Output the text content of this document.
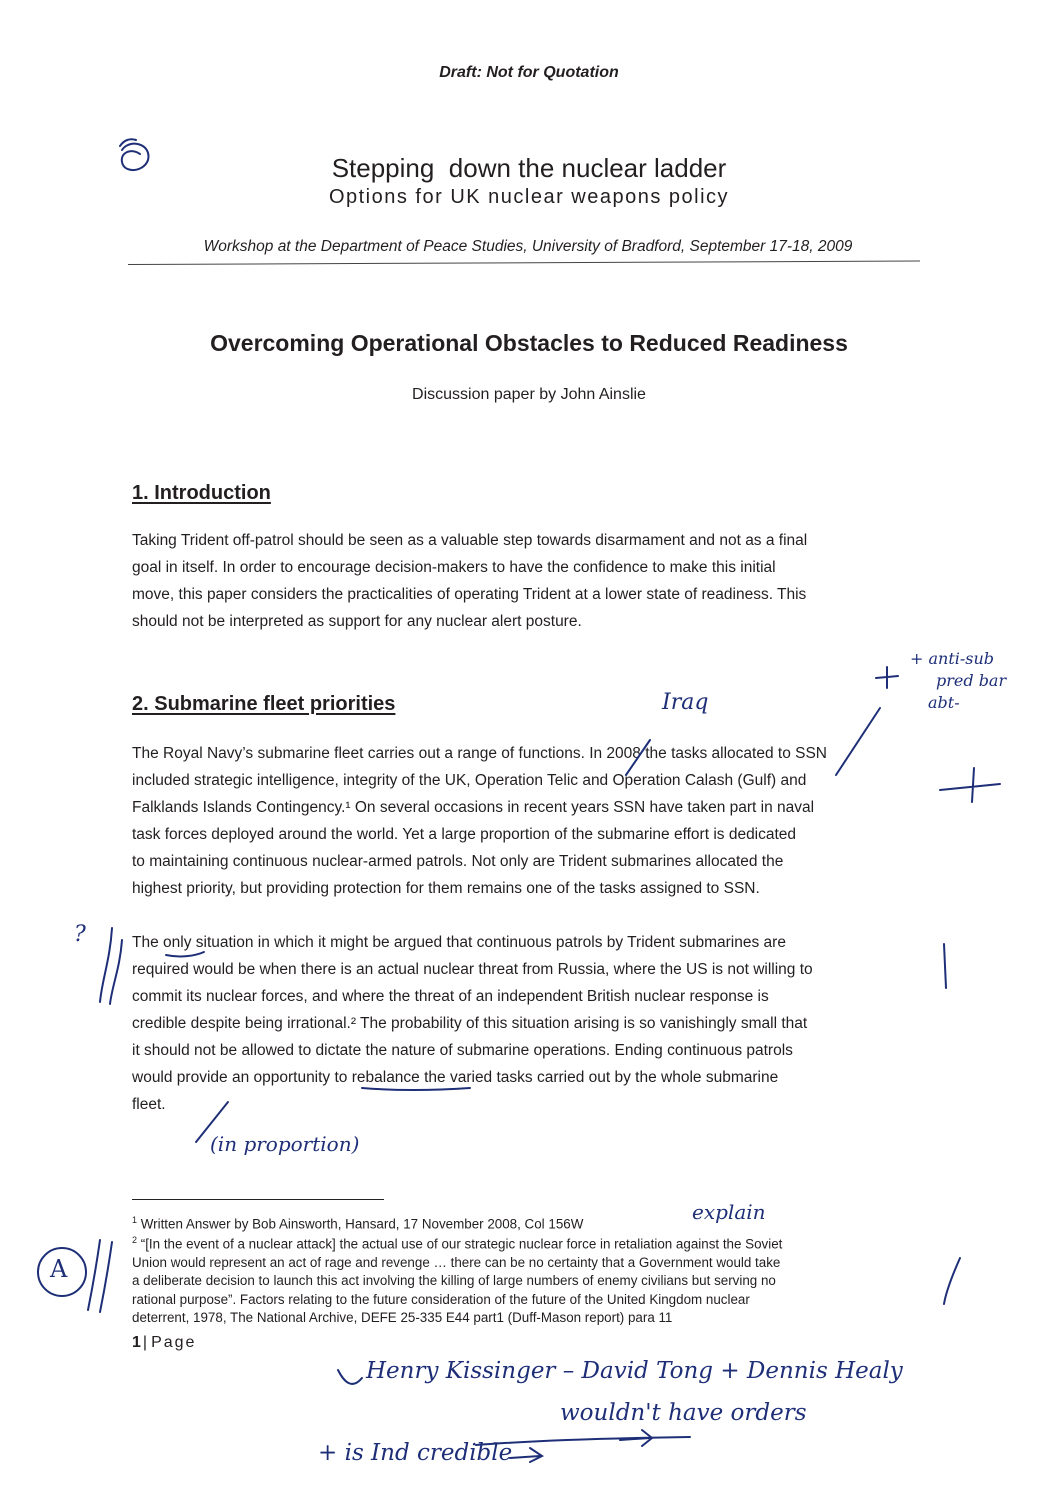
Draft: Not for Quotation
Stepping  down the nuclear ladder
Options for UK nuclear weapons policy
Workshop at the Department of Peace Studies, University of Bradford, September 17-18, 2009
Overcoming Operational Obstacles to Reduced Readiness
Discussion paper by John Ainslie
1. Introduction

Taking Trident off-patrol should be seen as a valuable step towards disarmament and not as a final

goal in itself. In order to encourage decision-makers to have the confidence to make this initial

move, this paper considers the practicalities of operating Trident at a lower state of readiness. This

should not be interpreted as support for any nuclear alert posture.

2. Submarine fleet priorities

The Royal Navy’s submarine fleet carries out a range of functions. In 2008 the tasks allocated to SSN

included strategic intelligence, integrity of the UK, Operation Telic and Operation Calash (Gulf) and

Falklands Islands Contingency.¹ On several occasions in recent years SSN have taken part in naval

task forces deployed around the world. Yet a large proportion of the submarine effort is dedicated

to maintaining continuous nuclear-armed patrols. Not only are Trident submarines allocated the

highest priority, but providing protection for them remains one of the tasks assigned to SSN.

The only situation in which it might be argued that continuous patrols by Trident submarines are

required would be when there is an actual nuclear threat from Russia, where the US is not willing to

commit its nuclear forces, and where the threat of an independent British nuclear response is

credible despite being irrational.² The probability of this situation arising is so vanishingly small that

it should not be allowed to dictate the nature of submarine operations. Ending continuous patrols

would provide an opportunity to rebalance the varied tasks carried out by the whole submarine

fleet.

$^1$ Written Answer by Bob Ainsworth, Hansard, 17 November 2008, Col 156W
$^2$ “[In the event of a nuclear attack] the actual use of our strategic nuclear force in retaliation against the Soviet
Union would represent an act of rage and revenge … there can be no certainty that a Government would take
a deliberate decision to launch this act involving the killing of large numbers of enemy civilians but serving no
rational purpose”. Factors relating to the future consideration of the future of the United Kingdom nuclear
deterrent, 1978, The National Archive, DEFE 25-335 E44 part1 (Duff-Mason report) para 11
1 | Page
Iraq
+ anti-sub
pred bar
abt-
?
A
(in proportion)
explain
Henry Kissinger – David Tong + Dennis Healy
wouldn't have orders
+ is Ind credible
